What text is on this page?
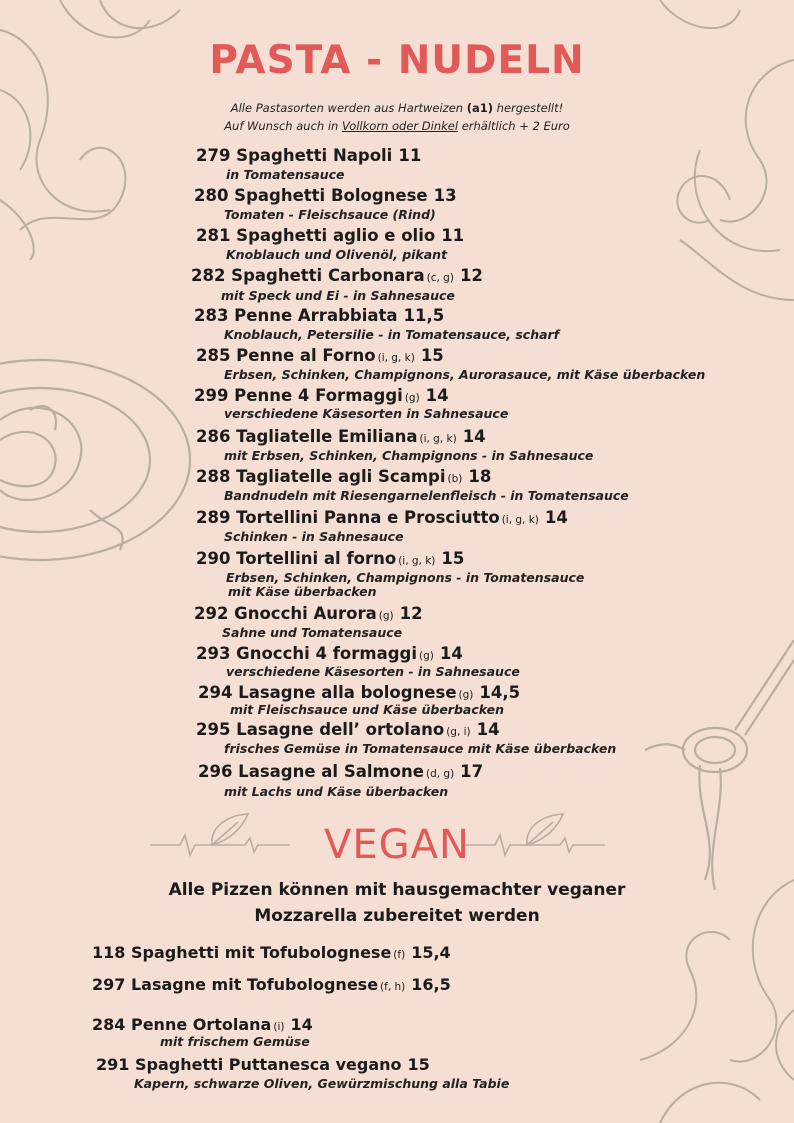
PASTA - NUDELN
Alle Pastasorten werden aus Hartweizen (a1) hergestellt!
Auf Wunsch auch in Vollkorn oder Dinkel erhältlich + 2 Euro
279 Spaghetti Napoli 11
in Tomatensauce
280 Spaghetti Bolognese 13
Tomaten - Fleischsauce (Rind)
281 Spaghetti aglio e olio 11
Knoblauch und Olivenöl, pikant
282 Spaghetti Carbonara (c, g) 12
mit Speck und Ei - in Sahnesauce
283 Penne Arrabbiata 11,5
Knoblauch, Petersilie - in Tomatensauce, scharf
285 Penne al Forno (i, g, k) 15
Erbsen, Schinken, Champignons, Aurorasauce, mit Käse überbacken
299 Penne 4 Formaggi (g) 14
verschiedene Käsesorten in Sahnesauce
286 Tagliatelle Emiliana (i, g, k) 14
mit Erbsen, Schinken, Champignons - in Sahnesauce
288 Tagliatelle agli Scampi (b) 18
Bandnudeln mit Riesengarnelenfleisch - in Tomatensauce
289 Tortellini Panna e Prosciutto (i, g, k) 14
Schinken - in Sahnesauce
290 Tortellini al forno (i, g, k) 15
Erbsen, Schinken, Champignons - in Tomatensauce
mit Käse überbacken
292 Gnocchi Aurora (g) 12
Sahne und Tomatensauce
293 Gnocchi 4 formaggi (g) 14
verschiedene Käsesorten - in Sahnesauce
294 Lasagne alla bolognese (g) 14,5
mit Fleischsauce und Käse überbacken
295 Lasagne dell’ ortolano (g, i) 14
frisches Gemüse in Tomatensauce mit Käse überbacken
296 Lasagne al Salmone (d, g) 17
mit Lachs und Käse überbacken
VEGAN
Alle Pizzen können mit hausgemachter veganer
Mozzarella zubereitet werden
118 Spaghetti mit Tofubolognese (f) 15,4
297 Lasagne mit Tofubolognese (f, h) 16,5
284 Penne Ortolana (i) 14
mit frischem Gemüse
291 Spaghetti Puttanesca vegano 15
Kapern, schwarze Oliven, Gewürzmischung alla Tabie
